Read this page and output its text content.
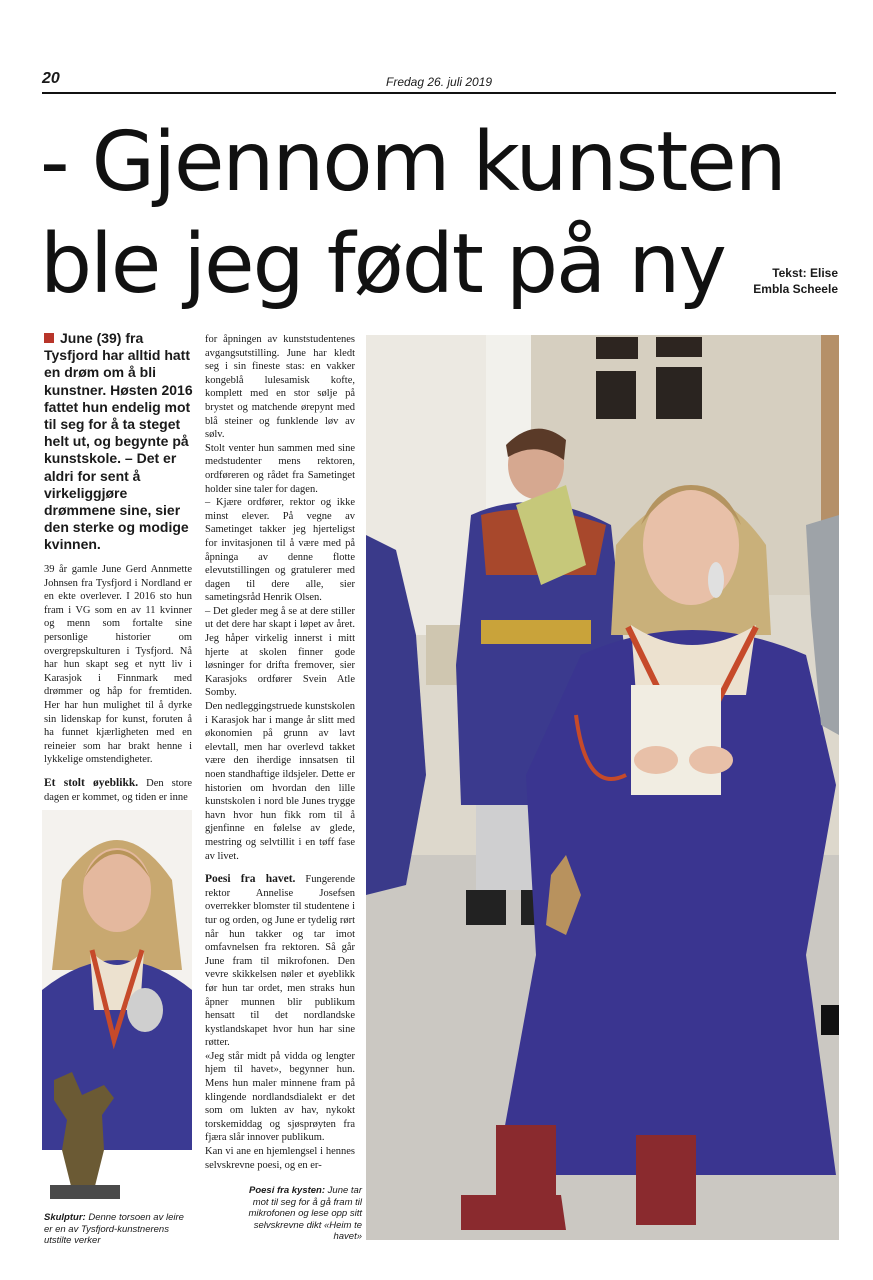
20	Fredag 26. juli 2019
- Gjennom kunsten
ble jeg født på ny	Tekst: Elise
Embla Scheele
June (39) fra Tysfjord har alltid hatt en drøm om å bli kunstner. Høsten 2016 fattet hun endelig mot til seg for å ta steget helt ut, og begynte på kunstskole. – Det er aldri for sent å virkeliggjøre drømmene sine, sier den sterke og modige kvinnen.

39 år gamle June Gerd Annmette Johnsen fra Tysfjord i Nordland er en ekte overlever. I 2016 sto hun fram i VG som en av 11 kvinner og menn som fortalte sine personlige historier om overgrepskulturen i Tysfjord. Nå har hun skapt seg et nytt liv i Karasjok i Finnmark med drømmer og håp for fremtiden. Her har hun mulighet til å dyrke sin lidenskap for kunst, foruten å ha funnet kjærligheten med en reineier som har brakt henne i lykkelige omstendigheter.

Et stolt øyeblikk. Den store dagen er kommet, og tiden er inne

for åpningen av kunststudentenes avgangsutstilling. June har kledt seg i sin fineste stas: en vakker kongeblå lulesamisk kofte, komplett med en stor sølje på brystet og matchende ørepynt med blå steiner og funklende løv av sølv.

Stolt venter hun sammen med sine medstudenter mens rektoren, ordføreren og rådet fra Sametinget holder sine taler for dagen.

– Kjære ordfører, rektor og ikke minst elever. På vegne av Sametinget takker jeg hjerteligst for invitasjonen til å være med på åpninga av denne flotte elevutstillingen og gratulerer med dagen til dere alle, sier sametingsråd Henrik Olsen.

– Det gleder meg å se at dere stiller ut det dere har skapt i løpet av året. Jeg håper virkelig innerst i mitt hjerte at skolen finner gode løsninger for drifta fremover, sier Karasjoks ordfører Svein Atle Somby.

Den nedleggingstruede kunstskolen i Karasjok har i mange år slitt med økonomien på grunn av lavt elevtall, men har overlevd takket være den iherdige innsatsen til noen standhaftige ildsjeler. Dette er historien om hvordan den lille kunstskolen i nord ble Junes trygge havn hvor hun fikk rom til å gjenfinne en følelse av glede, mestring og selvtillit i en tøff fase av livet.

Poesi fra havet. Fungerende rektor Annelise Josefsen overrekker blomster til studentene i tur og orden, og June er tydelig rørt når hun takker og tar imot omfavnelsen fra rektoren. Så går June fram til mikrofonen. Den vevre skikkelsen nøler et øyeblikk før hun tar ordet, men straks hun åpner munnen blir publikum hensatt til det nordlandske kystlandskapet hvor hun har sine røtter.

«Jeg står midt på vidda og lengter hjem til havet», begynner hun. Mens hun maler minnene fram på klingende nordlandsdialekt er det som om lukten av hav, nykokt torskemiddag og sjøsprøyten fra fjæra slår innover publikum.

Kan vi ane en hjemlengsel i hennes selvskrevne poesi, og en er-

Skulptur: Denne torsoen av leire er en av Tysfjord-kunstnerens utstilte verker
Poesi fra kysten: June tar mot til seg for å gå fram til mikrofonen og lese opp sitt selvskrevne dikt «Heim te havet»
